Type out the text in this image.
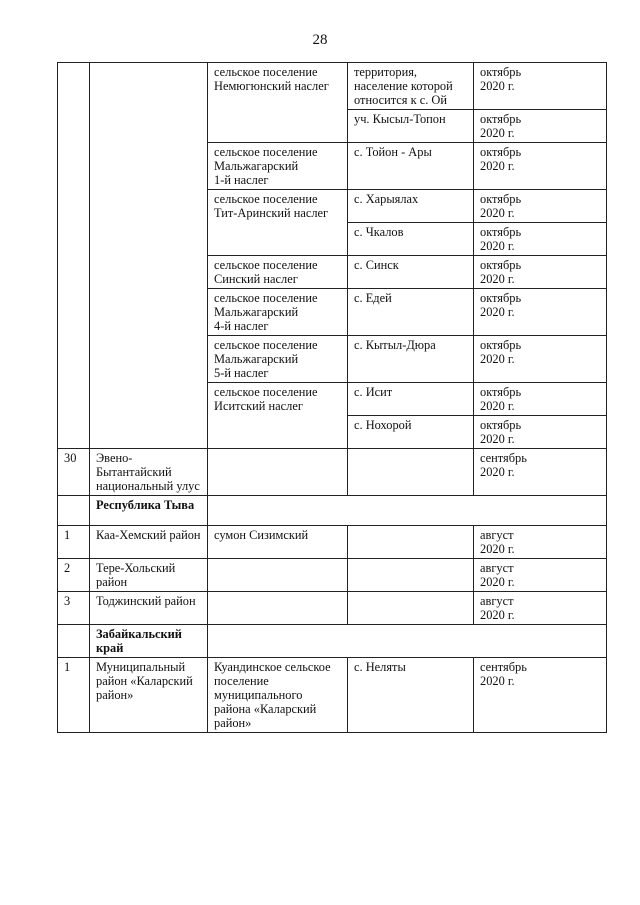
28
		сельское поселение
Немюгюнский наслег	территория,
население которой
относится к с. Ой	октябрь
2020 г.
			уч. Кысыл-Топон	октябрь
2020 г.
		сельское поселение
Мальжагарский
1-й наслег	с. Тойон - Ары	октябрь
2020 г.
		сельское поселение
Тит-Аринский наслег	с. Харыялах	октябрь
2020 г.
			с. Чкалов	октябрь
2020 г.
		сельское поселение
Синский наслег	с. Синск	октябрь
2020 г.
		сельское поселение
Мальжагарский
4-й наслег	с. Едей	октябрь
2020 г.
		сельское поселение
Мальжагарский
5-й наслег	с. Кытыл-Дюра	октябрь
2020 г.
		сельское поселение
Иситский наслег	с. Исит	октябрь
2020 г.
			с. Нохорой	октябрь
2020 г.
30	Эвено-
Бытантайский
национальный улус			сентябрь
2020 г.
	Республика Тыва			
1	Каа-Хемский район	сумон Сизимский		август
2020 г.
2	Тере-Хольский
район			август
2020 г.
3	Тоджинский район			август
2020 г.
	Забайкальский
край			
1	Муниципальный
район «Каларский
район»	Куандинское сельское
поселение
муниципального
района «Каларский
район»	с. Неляты	сентябрь
2020 г.
